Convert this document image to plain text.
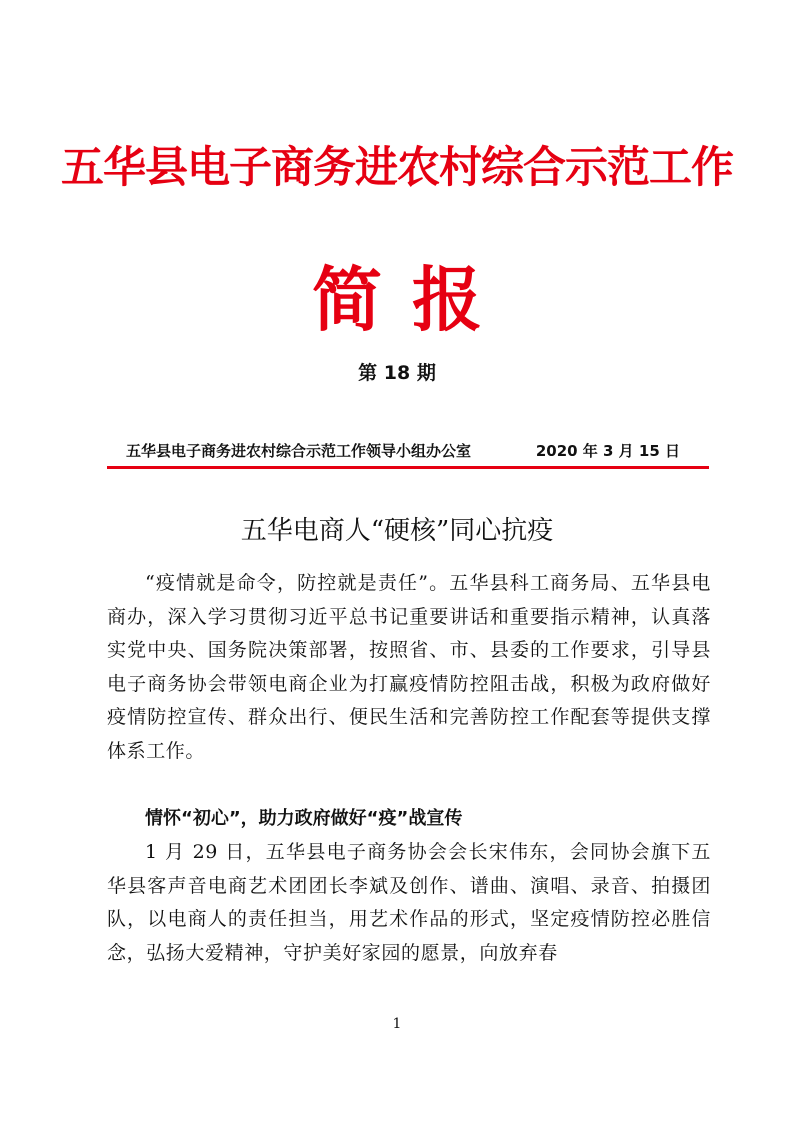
五华县电子商务进农村综合示范工作
简报
第 18 期
五华县电子商务进农村综合示范工作领导小组办公室	2020 年 3 月 15 日
五华电商人“硬核”同心抗疫

“疫情就是命令，防控就是责任”。五华县科工商务局、五华县电商办，深入学习贯彻习近平总书记重要讲话和重要指示精神，认真落实党中央、国务院决策部署，按照省、市、县委的工作要求，引导县电子商务协会带领电商企业为打赢疫情防控阻击战，积极为政府做好疫情防控宣传、群众出行、便民生活和完善防控工作配套等提供支撑体系工作。

情怀“初心”，助力政府做好“疫”战宣传

1 月 29 日，五华县电子商务协会会长宋伟东，会同协会旗下五华县客声音电商艺术团团长李斌及创作、谱曲、演唱、录音、拍摄团队，以电商人的责任担当，用艺术作品的形式，坚定疫情防控必胜信念，弘扬大爱精神，守护美好家园的愿景，向放弃春

1
